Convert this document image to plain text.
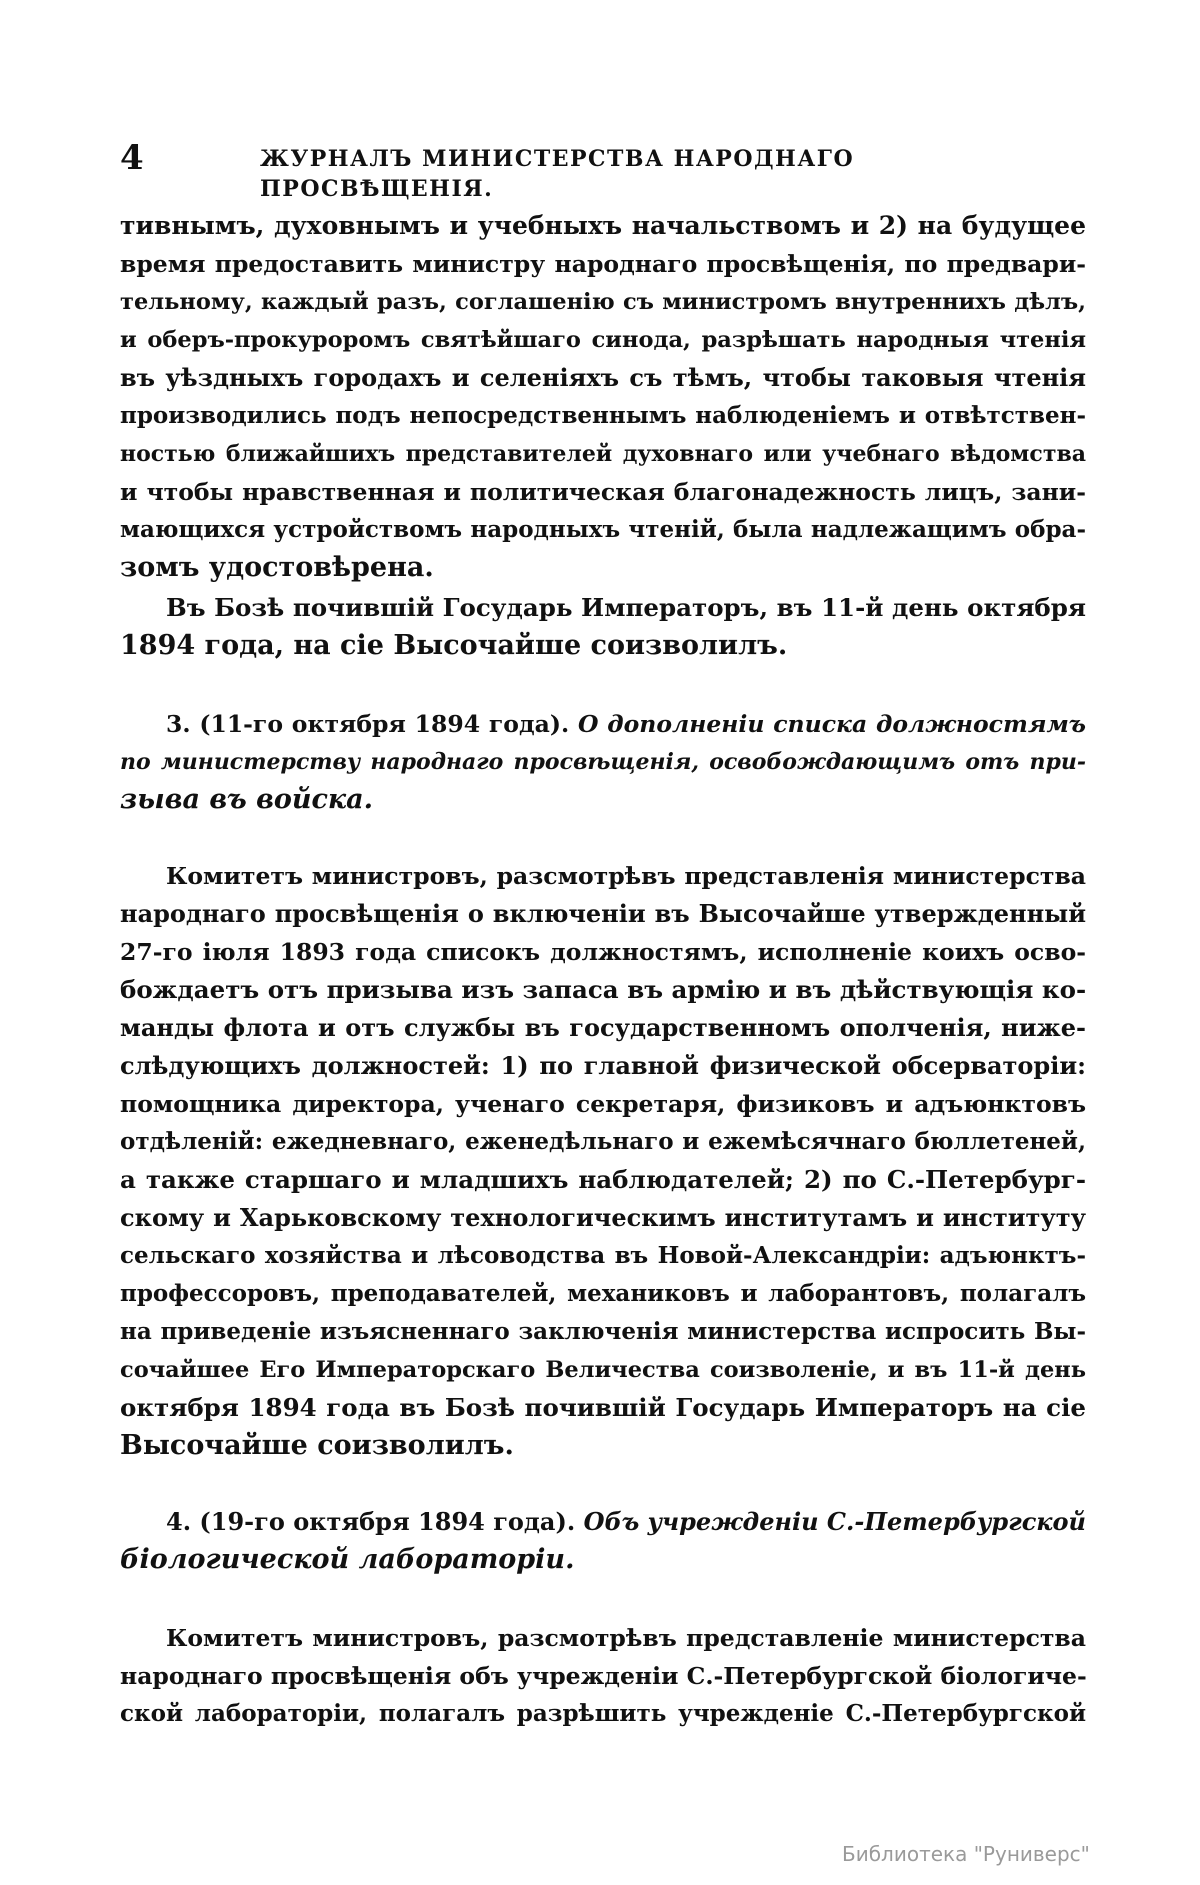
4	ЖУРНАЛЪ МИНИСТЕРСТВА НАРОДНАГО ПРОСВѢЩЕНІЯ.
тивнымъ, духовнымъ и учебныхъ начальствомъ и 2) на будущее
время предоставить министру народнаго просвѣщенія, по предвари-
тельному, каждый разъ, соглашенію съ министромъ внутреннихъ дѣлъ,
и оберъ-прокуроромъ святѣйшаго синода, разрѣшать народныя чтенія
въ уѣздныхъ городахъ и селеніяхъ съ тѣмъ, чтобы таковыя чтенія
производились подъ непосредственнымъ наблюденіемъ и отвѣтствен-
ностью ближайшихъ представителей духовнаго или учебнаго вѣдомства
и чтобы нравственная и политическая благонадежность лицъ, зани-
мающихся устройствомъ народныхъ чтеній, была надлежащимъ обра-
зомъ удостовѣрена.
Въ Бозѣ почившій Государь Императоръ, въ 11-й день октября
1894 года, на сіе Высочайше соизволилъ.
3. (11-го октября 1894 года). О дополненіи списка должностямъ
по министерству народнаго просвѣщенія, освобождающимъ отъ при-
зыва въ войска.
Комитетъ министровъ, разсмотрѣвъ представленія министерства
народнаго просвѣщенія о включеніи въ Высочайше утвержденный
27-го іюля 1893 года списокъ должностямъ, исполненіе коихъ осво-
бождаетъ отъ призыва изъ запаса въ армію и въ дѣйствующія ко-
манды флота и отъ службы въ государственномъ ополченія, ниже-
слѣдующихъ должностей: 1) по главной физической обсерваторіи:
помощника директора, ученаго секретаря, физиковъ и адъюнктовъ
отдѣленій: ежедневнаго, еженедѣльнаго и ежемѣсячнаго бюллетеней,
а также старшаго и младшихъ наблюдателей; 2) по С.-Петербург-
скому и Харьковскому технологическимъ институтамъ и институту
сельскаго хозяйства и лѣсоводства въ Новой-Александріи: адъюнктъ-
профессоровъ, преподавателей, механиковъ и лаборантовъ, полагалъ
на приведеніе изъясненнаго заключенія министерства испросить Вы-
сочайшее Его Императорскаго Величества соизволеніе, и въ 11-й день
октября 1894 года въ Бозѣ почившій Государь Императоръ на сіе
Высочайше соизволилъ.
4. (19-го октября 1894 года). Объ учрежденіи С.-Петербургской
біологической лабораторіи.
Комитетъ министровъ, разсмотрѣвъ представленіе министерства
народнаго просвѣщенія объ учрежденіи С.-Петербургской біологиче-
ской лабораторіи, полагалъ разрѣшить учрежденіе С.-Петербургской
Библиотека "Руниверс"
